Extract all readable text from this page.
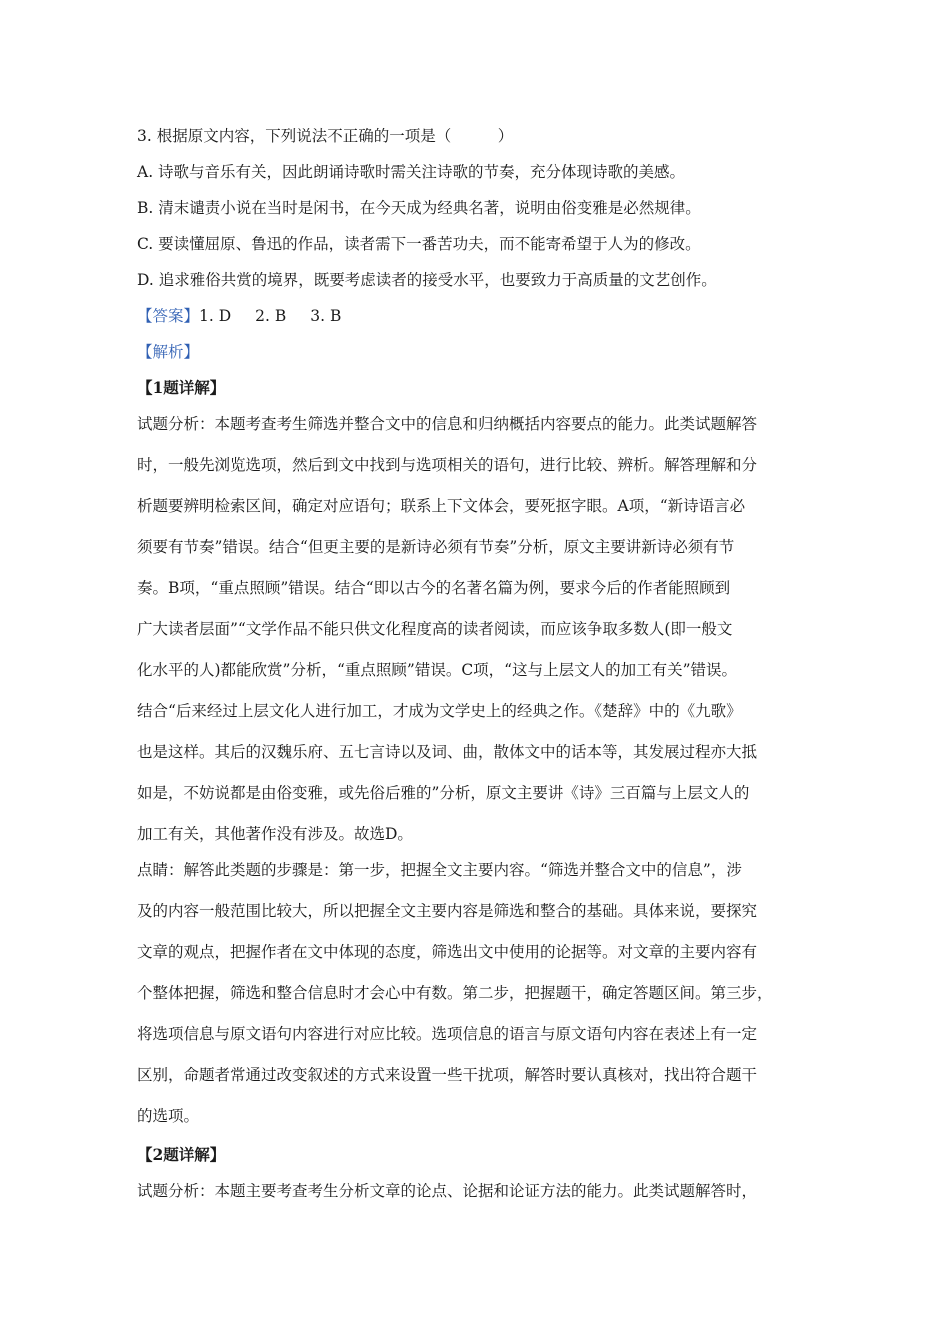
3. 根据原文内容，下列说法不正确的一项是（　　　）
A. 诗歌与音乐有关，因此朗诵诗歌时需关注诗歌的节奏，充分体现诗歌的美感。
B. 清末谴责小说在当时是闲书，在今天成为经典名著，说明由俗变雅是必然规律。
C. 要读懂屈原、鲁迅的作品，读者需下一番苦功夫，而不能寄希望于人为的修改。
D. 追求雅俗共赏的境界，既要考虑读者的接受水平，也要致力于高质量的文艺创作。
【答案】1. D 2. B 3. B
【解析】
【1题详解】
试题分析：本题考查考生筛选并整合文中的信息和归纳概括内容要点的能力。此类试题解答
时，一般先浏览选项，然后到文中找到与选项相关的语句，进行比较、辨析。解答理解和分
析题要辨明检索区间，确定对应语句；联系上下文体会，要死抠字眼。A项，“新诗语言必
须要有节奏”错误。结合“但更主要的是新诗必须有节奏”分析，原文主要讲新诗必须有节
奏。B项，“重点照顾”错误。结合“即以古今的名著名篇为例，要求今后的作者能照顾到
广大读者层面”“文学作品不能只供文化程度高的读者阅读，而应该争取多数人(即一般文
化水平的人)都能欣赏”分析，“重点照顾”错误。C项，“这与上层文人的加工有关”错误。
结合“后来经过上层文化人进行加工，才成为文学史上的经典之作。《楚辞》中的《九歌》
也是这样。其后的汉魏乐府、五七言诗以及词、曲，散体文中的话本等，其发展过程亦大抵
如是，不妨说都是由俗变雅，或先俗后雅的”分析，原文主要讲《诗》三百篇与上层文人的
加工有关，其他著作没有涉及。故选D。
点睛：解答此类题的步骤是：第一步，把握全文主要内容。“筛选并整合文中的信息”，涉
及的内容一般范围比较大，所以把握全文主要内容是筛选和整合的基础。具体来说，要探究
文章的观点，把握作者在文中体现的态度，筛选出文中使用的论据等。对文章的主要内容有
个整体把握，筛选和整合信息时才会心中有数。第二步，把握题干，确定答题区间。第三步，
将选项信息与原文语句内容进行对应比较。选项信息的语言与原文语句内容在表述上有一定
区别，命题者常通过改变叙述的方式来设置一些干扰项，解答时要认真核对，找出符合题干
的选项。
【2题详解】
试题分析：本题主要考查考生分析文章的论点、论据和论证方法的能力。此类试题解答时，
